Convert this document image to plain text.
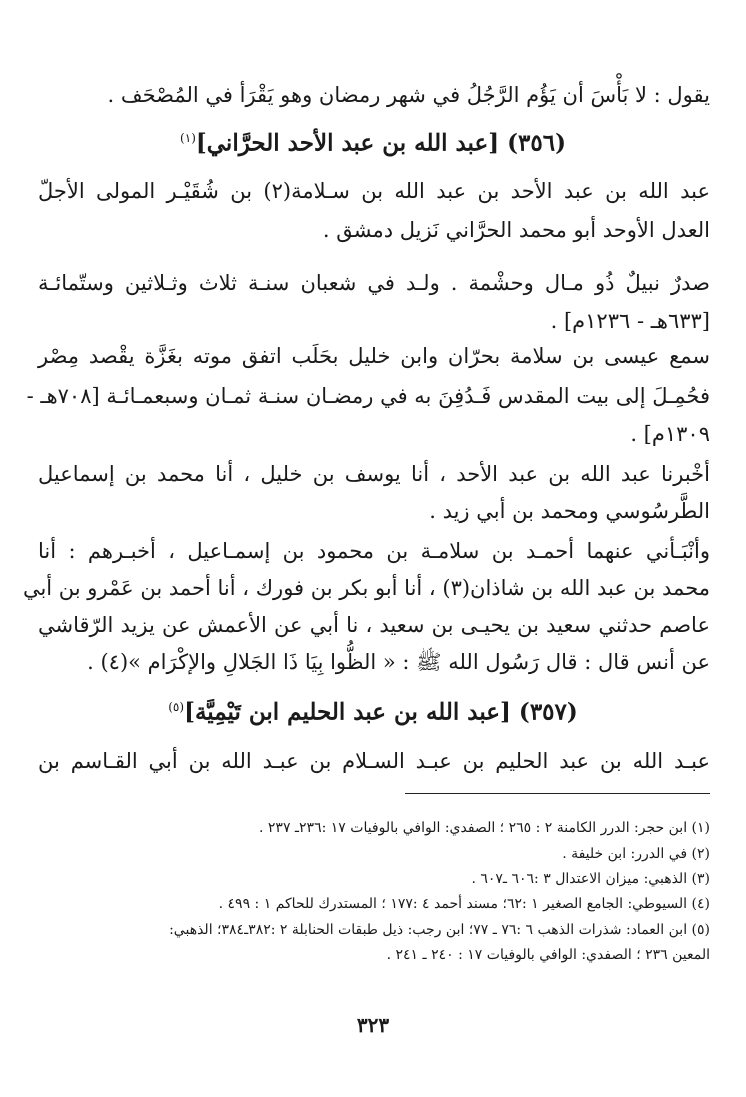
يقول : لا بَأْسَ أن يَؤُم الرَّجُلُ في شهر رمضان وهو يَقْرَأ في المُصْحَف .
(٣٥٦) [عبد الله بن عبد الأحد الحرَّاني]$^{(١)}$
عبد الله بن عبد الأحد بن عبد الله بن سـلامة(٢) بن شُقَيْـر المولى الأجلّ
العدل الأوحد أبو محمد الحرَّاني نَزيل دمشق .
صدرٌ نبيلٌ ذُو مـال وحشْمة . ولـد في شعبان سنـة ثلاث وثـلاثين وستّمائـة
[٦٣٣هـ - ١٢٣٦م] .
سمع عيسى بن سلامة بحرّان وابن خليل بحَلَب اتفق موته بغَزَّة يقْصد مِصْر
فحُمِـلَ إلى بيت المقدس فَـدُفِنَ به في رمضـان سنـة ثمـان وسبعمـائـة [٧٠٨هـ -
١٣٠٩م] .
أخْبرنا عبد الله بن عبد الأحد ، أنا يوسف بن خليل ، أنا محمد بن إسماعيل
الطَّرسُوسي ومحمد بن أبي زيد .
وأنْبَـأني عنهما أحمـد بن سلامـة بن محمود بن إسمـاعيل ، أخبـرهم : أنا
محمد بن عبد الله بن شاذان(٣) ، أنا أبو بكر بن فورك ، أنا أحمد بن عَمْرو بن أبي
عاصم حدثني سعيد بن يحيـى بن سعيد ، نا أبي عن الأعمش عن يزيد الرّقاشي
عن أنس قال : قال رَسُول الله ﷺ : « الظُّوا بِيَا ذَا الجَلالِ والإكْرَام »(٤) .
(٣٥٧) [عبد الله بن عبد الحليم ابن تَيْمِيَّة]$^{(٥)}$
عبـد الله بن عبد الحليم بن عبـد السـلام بن عبـد الله بن أبي القـاسم بن
(١) ابن حجر: الدرر الكامنة ٢ : ٢٦٥ ؛ الصفدي: الوافي بالوفيات ١٧ :٢٣٦ـ ٢٣٧ .
(٢) في الدرر: ابن خليفة .
(٣) الذهبي: ميزان الاعتدال ٣ :٦٠٦ ـ٦٠٧ .
(٤) السيوطي: الجامع الصغير ١ :٦٢؛ مسند أحمد ٤ :١٧٧ ؛ المستدرك للحاكم ١ : ٤٩٩ .
(٥) ابن العماد: شذرات الذهب ٦ :٧٦ ـ ٧٧؛ ابن رجب: ذيل طبقات الحنابلة ٢ :٣٨٢ـ٣٨٤؛ الذهبي:
المعين ٢٣٦ ؛ الصفدي: الوافي بالوفيات ١٧ : ٢٤٠ ـ ٢٤١ .
٣٢٣
